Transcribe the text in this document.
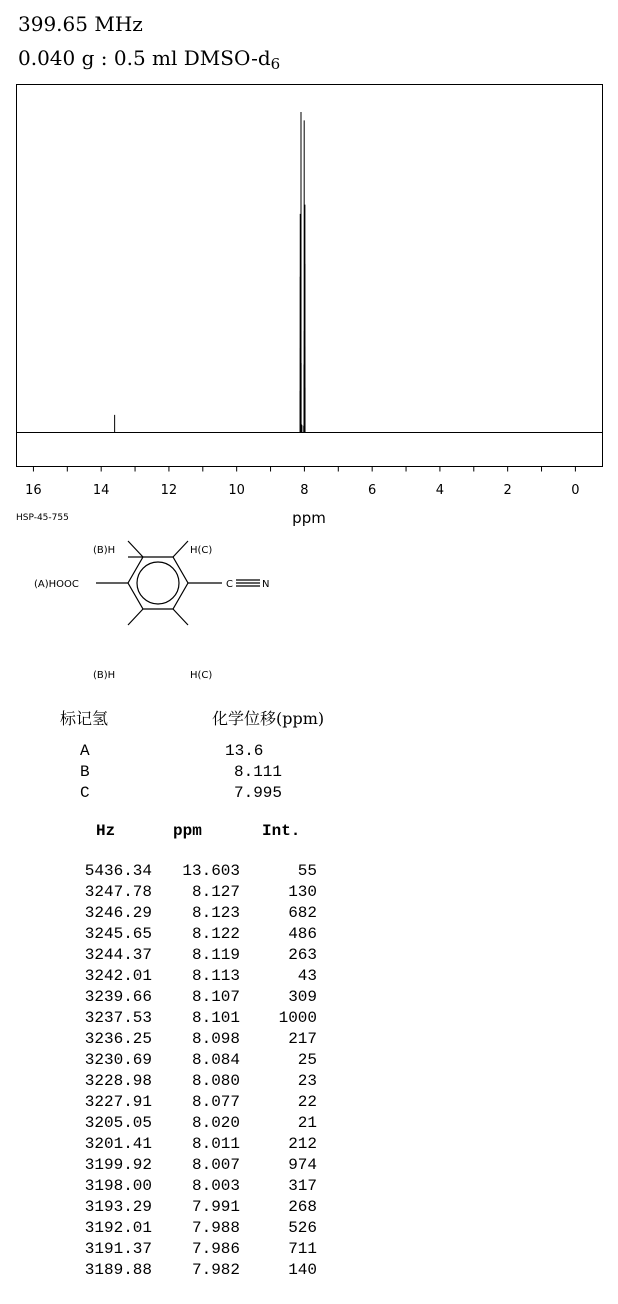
399.65 MHz
0.040 g : 0.5 ml DMSO-$d_6$
16	14	12	10	8	6	4	2	0
ppm
HSP-45-755
(A)HOOC
(B)H
(B)H
H(C)
H(C)
C	N
标记氢	化学位移(ppm)
A	13.6
B	8.111
C	7.995
Hz	ppm	Int.
5436.34	13.603	55
3247.78	8.127	130
3246.29	8.123	682
3245.65	8.122	486
3244.37	8.119	263
3242.01	8.113	43
3239.66	8.107	309
3237.53	8.101	1000
3236.25	8.098	217
3230.69	8.084	25
3228.98	8.080	23
3227.91	8.077	22
3205.05	8.020	21
3201.41	8.011	212
3199.92	8.007	974
3198.00	8.003	317
3193.29	7.991	268
3192.01	7.988	526
3191.37	7.986	711
3189.88	7.982	140
